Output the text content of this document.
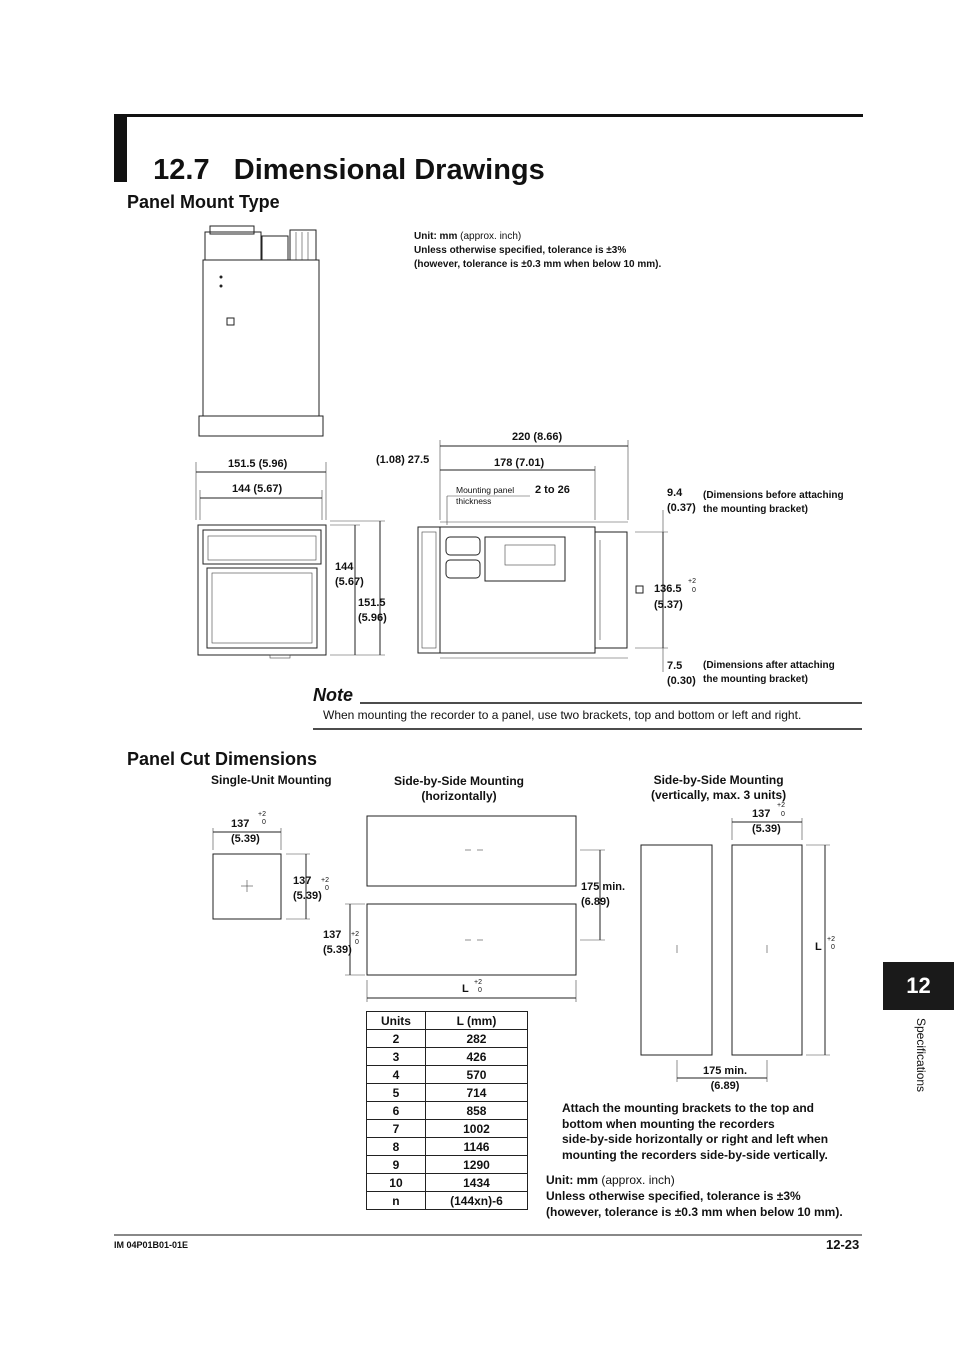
12.7 Dimensional Drawings

Panel Mount Type
Unit: mm (approx. inch)
Unless otherwise specified, tolerance is ±3%
(however, tolerance is ±0.3 mm when below 10 mm).
151.5 (5.96)
144 (5.67)
144
(5.67)
151.5
(5.96)
220 (8.66)
(1.08) 27.5	178 (7.01)
Mounting panel
thickness
2 to 26	9.4
(0.37)
(Dimensions before attaching
the mounting bracket)
136.5
(5.37)
+2
0
7.5
(0.30)
(Dimensions after attaching
the mounting bracket)
Note
When mounting the recorder to a panel, use two brackets, top and bottom or left and right.
Panel Cut Dimensions
Single-Unit Mounting	Side-by-Side Mounting
(horizontally)
Side-by-Side Mounting
(vertically, max. 3 units)
137
(5.39)
+2
0
137
(5.39)
+2
0	175 min.
(6.89)
137
(5.39)
+2
0
L
+2
0
137
(5.39)
+2
0
L
+2
0
175 min.
(6.89)
Units	L (mm)
2	282
3	426
4	570
5	714
6	858
7	1002
8	1146
9	1290
10	1434
n	(144xn)-6
Attach the mounting brackets to the top and
bottom when mounting the recorders
side-by-side horizontally or right and left when
mounting the recorders side-by-side vertically.
Unit: mm (approx. inch)
Unless otherwise specified, tolerance is ±3%
(however, tolerance is ±0.3 mm when below 10 mm).
12
Specifications
IM 04P01B01-01E	12-23
